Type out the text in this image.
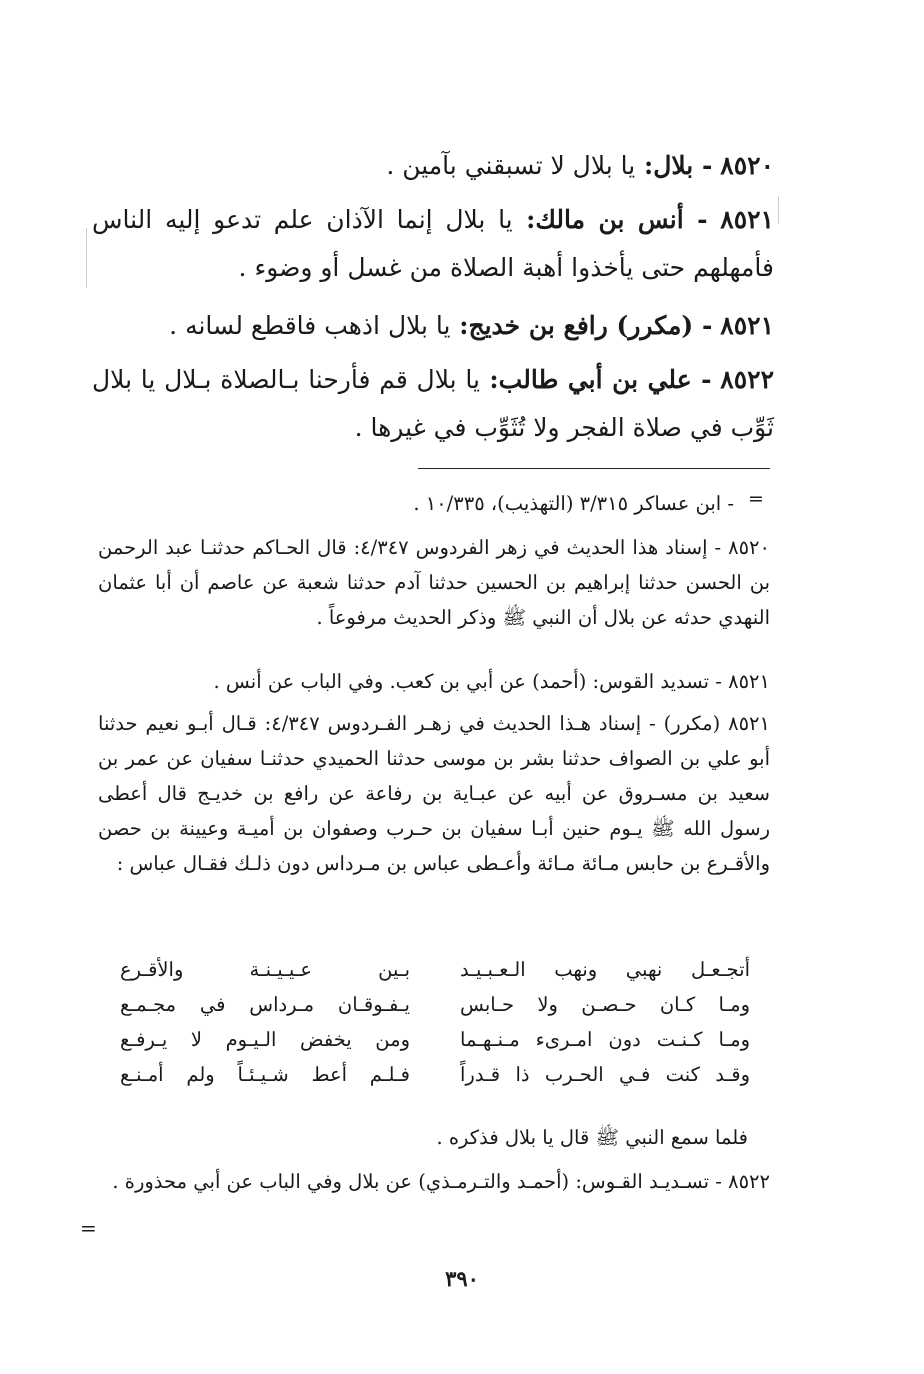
٨٥٢٠ - بلال: يا بلال لا تسبقني بآمين .

٨٥٢١ - أنس بن مالك: يا بلال إنما الآذان علم تدعو إليه الناس فأمهلهم حتى يأخذوا أهبة الصلاة من غسل أو وضوء .

٨٥٢١ - (مكرر) رافع بن خديج: يا بلال اذهب فاقطع لسانه .

٨٥٢٢ - علي بن أبي طالب: يا بلال قم فأرحنا بـالصلاة بـلال يا بلال ثَوِّب في صلاة الفجر ولا تُثَوِّب في غيرها .

=

- ابن عساكر ٣/٣١٥ (التهذيب)، ١٠/٣٣٥ .

٨٥٢٠ - إسناد هذا الحديث في زهر الفردوس ٤/٣٤٧: قال الحـاكم حدثنـا عبد الرحمن بن الحسن حدثنا إبراهيم بن الحسين حدثنا آدم حدثنا شعبة عن عاصم أن أبا عثمان النهدي حدثه عن بلال أن النبي ﷺ وذكر الحديث مرفوعاً .

٨٥٢١ - تسديد القوس: (أحمد) عن أبي بن كعب. وفي الباب عن أنس .

٨٥٢١ (مكرر) - إسناد هـذا الحديث في زهـر الفـردوس ٤/٣٤٧: قـال أبـو نعيم حدثنا أبو علي بن الصواف حدثنا بشر بن موسى حدثنا الحميدي حدثنـا سفيان عن عمر بن سعيد بن مسـروق عن أبيه عن عبـاية بن رفاعة عن رافع بن خديـج قال أعطى رسول الله ﷺ يـوم حنين أبـا سفيان بن حـرب وصفوان بن أميـة وعيينة بن حصن والأقـرع بن حابس مـائة مـائة وأعـطى عباس بن مـرداس دون ذلـك فقـال عباس :

أتجـعـل نهبي ونهب الـعـبـيـد
بـين عـيـيـنـة والأقـرع
ومـا كـان حـصـن ولا حـابس
يـفـوقـان مـرداس في مجـمـع
ومـا كـنـت دون امـرىء مـنـهـما
ومن يخفض الـيـوم لا يـرفـع
وقـد كنت فـي الحـرب ذا قـدراً
فـلـم أعط شـيـئـاً ولم أمـنـع
فلما سمع النبي ﷺ قال يا بلال فذكره .

٨٥٢٢ - تسـديـد القـوس: (أحمـد والتـرمـذي) عن بلال وفي الباب عن أبي محذورة .

=
٣٩٠
